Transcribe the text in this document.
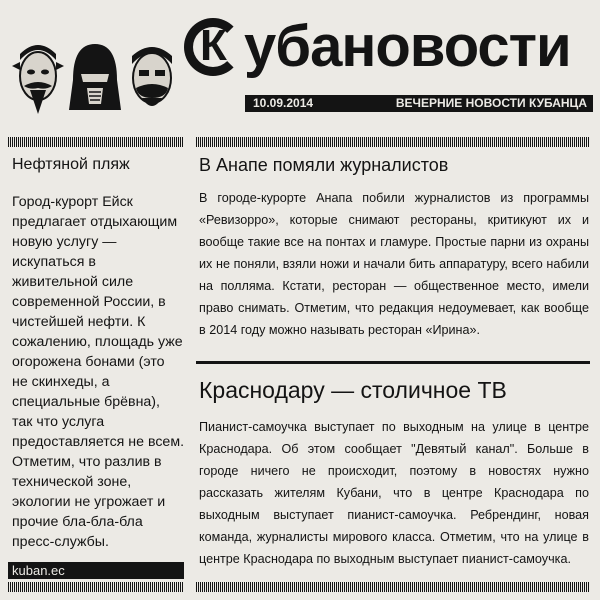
К убановости
10.09.2014	ВЕЧЕРНИЕ НОВОСТИ КУБАНЦА
Нефтяной пляж

Город-курорт Ейск предлагает отдыхающим новую услугу — искупаться в живительной силе современной России, в чистейшей нефти. К сожалению, площадь уже огорожена бонами (это не скинхеды, а специальные брёвна), так что услуга предоставляется не всем.

Отметим, что разлив в технической зоне, экологии не угрожает и прочие бла-бла-бла пресс-службы.

kuban.ec
В Анапе помяли журналистов
В городе-курорте Анапа побили журналистов из программы «Ревизорро», которые снимают рестораны, критикуют их и вообще такие все на понтах и гламуре. Простые парни из охраны их не поняли, взяли ножи и начали бить аппаратуру, всего набили на полляма. Кстати, ресторан — общественное место, имели право снимать. Отметим, что редакция недоумевает, как вообще в 2014 году можно называть ресторан «Ирина».
Краснодару — столичное ТВ
Пианист-самоучка выступает по выходным на улице в центре Краснодара. Об этом сообщает "Девятый канал". Больше в городе ничего не происходит, поэтому в новостях нужно рассказать жителям Кубани, что в центре Краснодара по выходным выступает пианист-самоучка. Ребрендинг, новая команда, журналисты мирового класса. Отметим, что на улице в центре Краснодара по выходным выступает пианист-самоучка.
